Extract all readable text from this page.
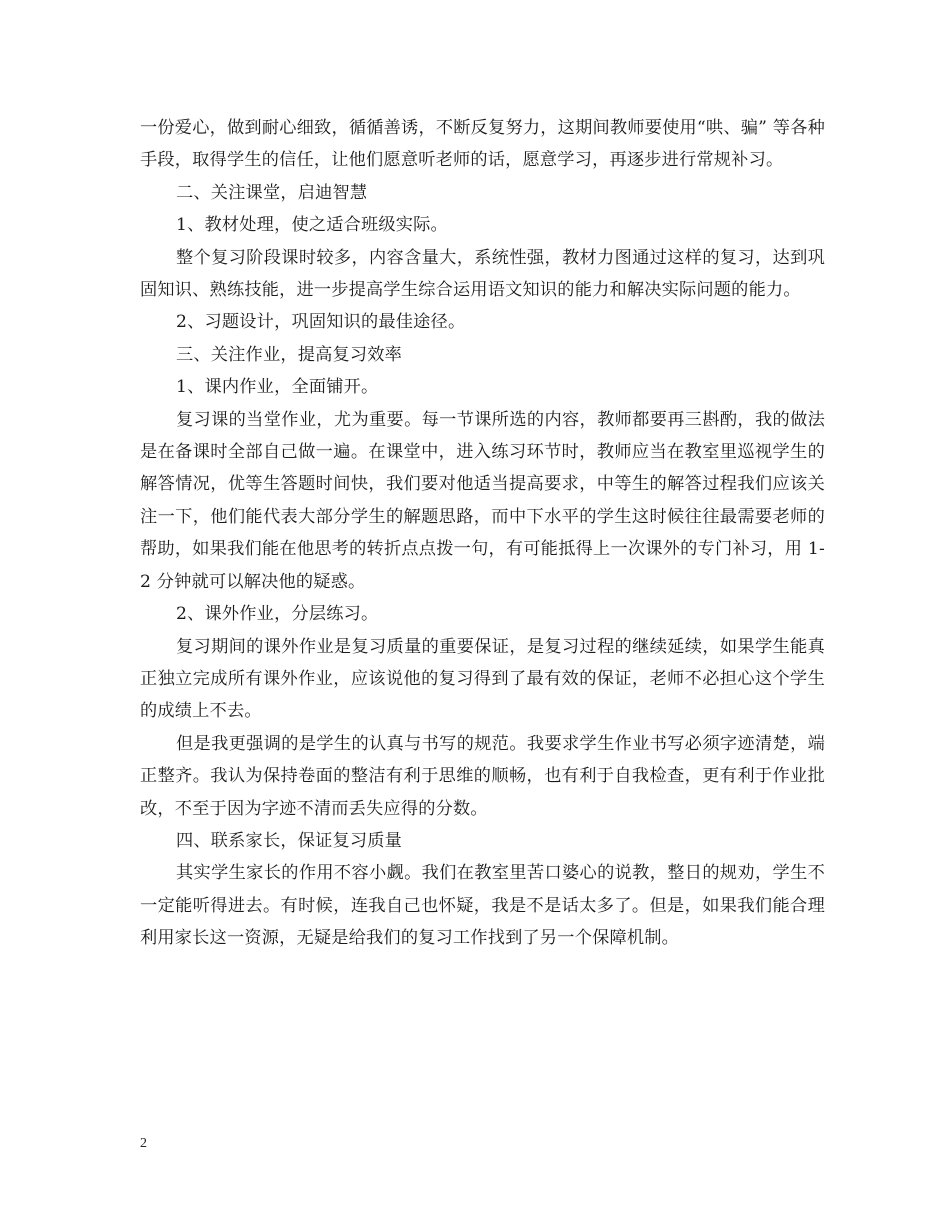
一份爱心，做到耐心细致，循循善诱，不断反复努力，这期间教师要使用“哄、骗” 等各种手段，取得学生的信任，让他们愿意听老师的话，愿意学习，再逐步进行常规补习。

二、关注课堂，启迪智慧

1、教材处理，使之适合班级实际。

整个复习阶段课时较多，内容含量大，系统性强，教材力图通过这样的复习，达到巩固知识、熟练技能，进一步提高学生综合运用语文知识的能力和解决实际问题的能力。

2、习题设计，巩固知识的最佳途径。

三、关注作业，提高复习效率

1、课内作业，全面铺开。

复习课的当堂作业，尤为重要。每一节课所选的内容，教师都要再三斟酌，我的做法是在备课时全部自己做一遍。在课堂中，进入练习环节时，教师应当在教室里巡视学生的解答情况，优等生答题时间快，我们要对他适当提高要求，中等生的解答过程我们应该关注一下，他们能代表大部分学生的解题思路，而中下水平的学生这时候往往最需要老师的帮助，如果我们能在他思考的转折点点拨一句，有可能抵得上一次课外的专门补习，用 1-2 分钟就可以解决他的疑惑。

2、课外作业，分层练习。

复习期间的课外作业是复习质量的重要保证，是复习过程的继续延续，如果学生能真正独立完成所有课外作业，应该说他的复习得到了最有效的保证，老师不必担心这个学生的成绩上不去。

但是我更强调的是学生的认真与书写的规范。我要求学生作业书写必须字迹清楚，端正整齐。我认为保持卷面的整洁有利于思维的顺畅，也有利于自我检查，更有利于作业批改，不至于因为字迹不清而丢失应得的分数。

四、联系家长，保证复习质量

其实学生家长的作用不容小觑。我们在教室里苦口婆心的说教，整日的规劝，学生不一定能听得进去。有时候，连我自己也怀疑，我是不是话太多了。但是，如果我们能合理利用家长这一资源，无疑是给我们的复习工作找到了另一个保障机制。

2
